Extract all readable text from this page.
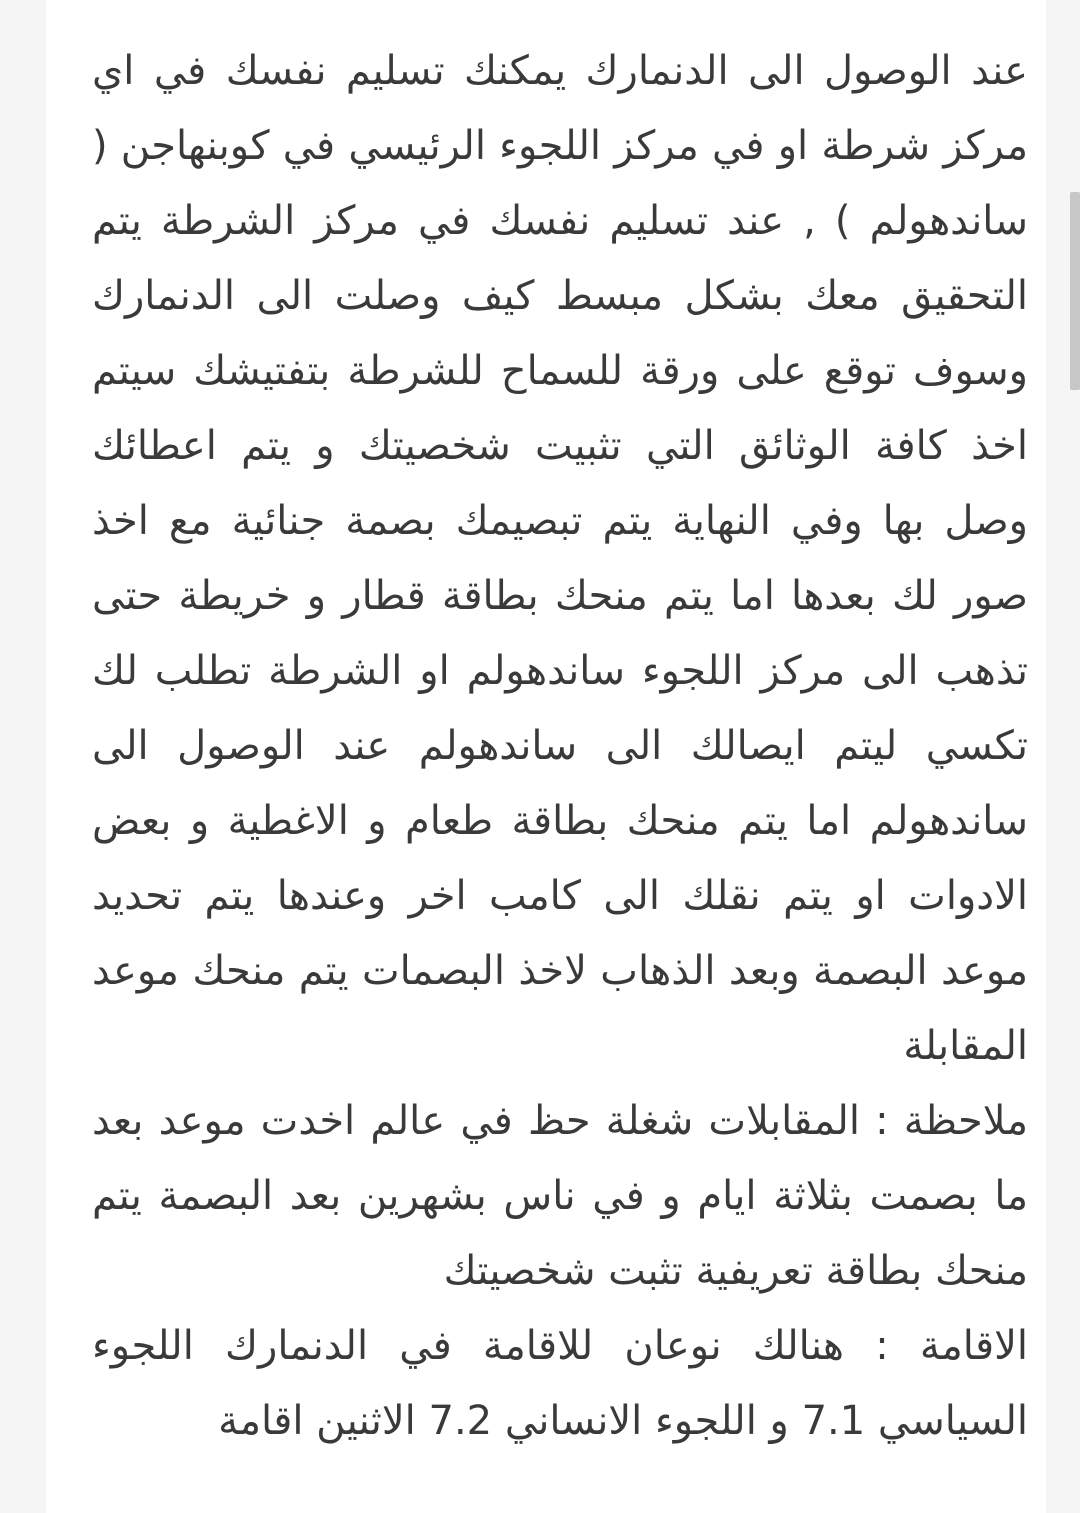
عند الوصول الى الدنمارك يمكنك تسليم نفسك في اي مركز شرطة او في مركز اللجوء الرئيسي في كوبنهاجن ( ساندهولم ) , عند تسليم نفسك في مركز الشرطة يتم التحقيق معك بشكل مبسط كيف وصلت الى الدنمارك وسوف توقع على ورقة للسماح للشرطة بتفتيشك سيتم اخذ كافة الوثائق التي تثبيت شخصيتك و يتم اعطائك وصل بها وفي النهاية يتم تبصيمك بصمة جنائية مع اخذ صور لك بعدها اما يتم منحك بطاقة قطار و خريطة حتى تذهب الى مركز اللجوء ساندهولم او الشرطة تطلب لك تكسي ليتم ايصالك الى ساندهولم عند الوصول الى ساندهولم اما يتم منحك بطاقة طعام و الاغطية و بعض الادوات او يتم نقلك الى كامب اخر وعندها يتم تحديد موعد البصمة وبعد الذهاب لاخذ البصمات يتم منحك موعد المقابلة

ملاحظة : المقابلات شغلة حظ في عالم اخدت موعد بعد ما بصمت بثلاثة ايام و في ناس بشهرين بعد البصمة يتم منحك بطاقة تعريفية تثبت شخصيتك

الاقامة : هنالك نوعان للاقامة في الدنمارك اللجوء السياسي 7.1 و اللجوء الانساني 7.2 الاثنين اقامة
